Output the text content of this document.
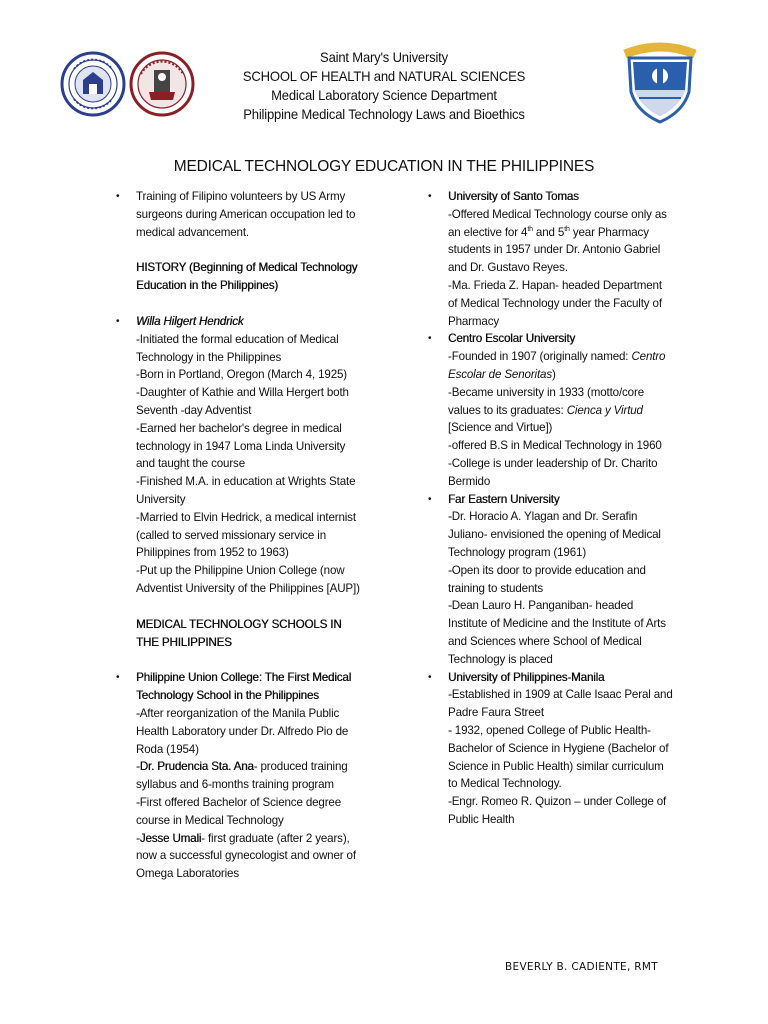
Saint Mary's University
SCHOOL OF HEALTH and NATURAL SCIENCES
Medical Laboratory Science Department
Philippine Medical Technology Laws and Bioethics
MEDICAL TECHNOLOGY EDUCATION IN THE PHILIPPINES
• Training of Filipino volunteers by US Army
surgeons during American occupation led to
medical advancement.
HISTORY (Beginning of Medical Technology
Education in the Philippines)
• Willa Hilgert Hendrick
-Initiated the formal education of Medical
Technology in the Philippines
-Born in Portland, Oregon (March 4, 1925)
-Daughter of Kathie and Willa Hergert both
Seventh -day Adventist
-Earned her bachelor's degree in medical
technology in 1947 Loma Linda University
and taught the course
-Finished M.A. in education at Wrights State
University
-Married to Elvin Hedrick, a medical internist
(called to served missionary service in
Philippines from 1952 to 1963)
-Put up the Philippine Union College (now
Adventist University of the Philippines [AUP])
MEDICAL TECHNOLOGY SCHOOLS IN
THE PHILIPPINES
• Philippine Union College: The First Medical
Technology School in the Philippines
-After reorganization of the Manila Public
Health Laboratory under Dr. Alfredo Pio de
Roda (1954)
-Dr. Prudencia Sta. Ana- produced training
syllabus and 6-months training program
-First offered Bachelor of Science degree
course in Medical Technology
-Jesse Umali- first graduate (after 2 years),
now a successful gynecologist and owner of
Omega Laboratories
• University of Santo Tomas
-Offered Medical Technology course only as
an elective for 4th and 5th year Pharmacy
students in 1957 under Dr. Antonio Gabriel
and Dr. Gustavo Reyes.
-Ma. Frieda Z. Hapan- headed Department
of Medical Technology under the Faculty of
Pharmacy
• Centro Escolar University
-Founded in 1907 (originally named: Centro
Escolar de Senoritas)
-Became university in 1933 (motto/core
values to its graduates: Cienca y Virtud
[Science and Virtue])
-offered B.S in Medical Technology in 1960
-College is under leadership of Dr. Charito
Bermido
• Far Eastern University
-Dr. Horacio A. Ylagan and Dr. Serafin
Juliano- envisioned the opening of Medical
Technology program (1961)
-Open its door to provide education and
training to students
-Dean Lauro H. Panganiban- headed
Institute of Medicine and the Institute of Arts
and Sciences where School of Medical
Technology is placed
• University of Philippines-Manila
-Established in 1909 at Calle Isaac Peral and
Padre Faura Street
- 1932, opened College of Public Health-
Bachelor of Science in Hygiene (Bachelor of
Science in Public Health) similar curriculum
to Medical Technology.
-Engr. Romeo R. Quizon – under College of
Public Health
BEVERLY B. CADIENTE, RMT
